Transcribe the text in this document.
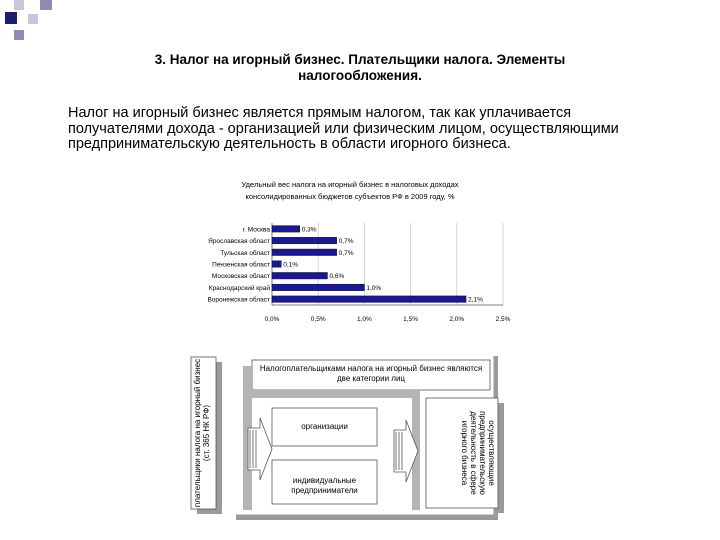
3. Налог на игорный бизнес. Плательщики налога. Элементы
налогообложения.
Налог на игорный бизнес является прямым налогом, так как уплачивается получателями дохода - организацией или физическим лицом, осуществляющими предпринимательскую деятельность в области игорного бизнеса.
Удельный вес налога на игорный бизнес в налоговых доходах
консолидированных бюджетов субъектов РФ в 2009 году, %
г. Москва
Ярославская област
Тульская област
Пензенская област
Московская област
Краснодарский край
Воронежская област
0,3%
0,7%
0,7%
0,1%
0,6%
1,0%
2,1%
0,0%	0,5%	1,0%	1,5%	2,0%	2,5%
плательщики налога на игорный бизнес (ст. 365 НК РФ)
Налогоплательщиками налога на игорный бизнес являются две категории лиц
организации
индивидуальные предприниматели
осуществляющие предпринимательскую деятельность в сфере игорного бизнеса
